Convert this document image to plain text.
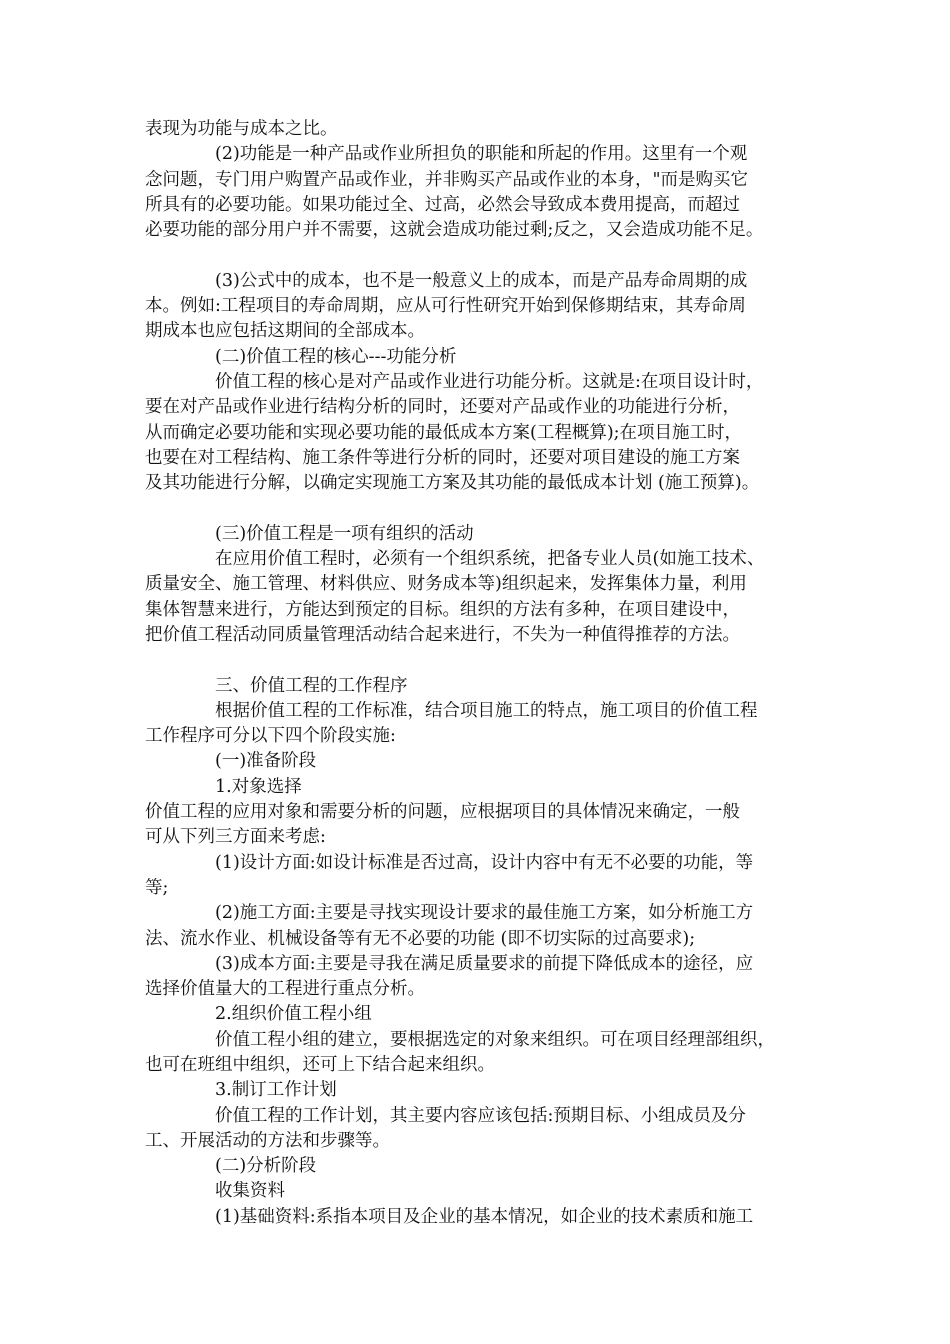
表现为功能与成本之比。
(2)功能是一种产品或作业所担负的职能和所起的作用。这里有一个观
念问题，专门用户购置产品或作业，并非购买产品或作业的本身，"而是购买它
所具有的必要功能。如果功能过全、过高，必然会导致成本费用提高，而超过
必要功能的部分用户并不需要，这就会造成功能过剩;反之，又会造成功能不足。
(3)公式中的成本，也不是一般意义上的成本，而是产品寿命周期的成
本。例如:工程项目的寿命周期，应从可行性研究开始到保修期结束，其寿命周
期成本也应包括这期间的全部成本。
(二)价值工程的核心---功能分析
价值工程的核心是对产品或作业进行功能分析。这就是:在项目设计时，
要在对产品或作业进行结构分析的同时，还要对产品或作业的功能进行分析，
从而确定必要功能和实现必要功能的最低成本方案(工程概算);在项目施工时，
也要在对工程结构、施工条件等进行分析的同时，还要对项目建设的施工方案
及其功能进行分解，以确定实现施工方案及其功能的最低成本计划 (施工预算)。
(三)价值工程是一项有组织的活动
在应用价值工程时，必须有一个组织系统，把备专业人员(如施工技术、
质量安全、施工管理、材料供应、财务成本等)组织起来，发挥集体力量，利用
集体智慧来进行，方能达到预定的目标。组织的方法有多种，在项目建设中，
把价值工程活动同质量管理活动结合起来进行，不失为一种值得推荐的方法。
三、价值工程的工作程序
根据价值工程的工作标准，结合项目施工的特点，施工项目的价值工程
工作程序可分以下四个阶段实施:
(一)准备阶段
1.对象选择
价值工程的应用对象和需要分析的问题，应根据项目的具体情况来确定，一般
可从下列三方面来考虑:
(1)设计方面:如设计标准是否过高，设计内容中有无不必要的功能，等
等;
(2)施工方面:主要是寻找实现设计要求的最佳施工方案，如分析施工方
法、流水作业、机械设备等有无不必要的功能 (即不切实际的过高要求);
(3)成本方面:主要是寻我在满足质量要求的前提下降低成本的途径，应
选择价值量大的工程进行重点分析。
2.组织价值工程小组
价值工程小组的建立，要根据选定的对象来组织。可在项目经理部组织，
也可在班组中组织，还可上下结合起来组织。
3.制订工作计划
价值工程的工作计划，其主要内容应该包括:预期目标、小组成员及分
工、开展活动的方法和步骤等。
(二)分析阶段
收集资料
(1)基础资料:系指本项目及企业的基本情况，如企业的技术素质和施工
